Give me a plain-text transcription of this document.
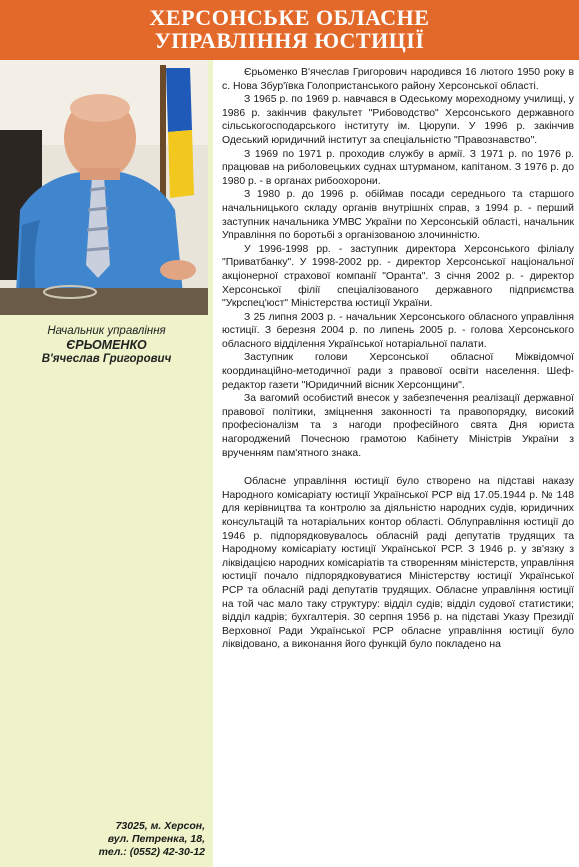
ХЕРСОНСЬКЕ ОБЛАСНЕ
УПРАВЛІННЯ ЮСТИЦІЇ
Начальник управління
ЄРЬОМЕНКО
В'ячеслав Григорович
73025, м. Херсон,
вул. Петренка, 18,
тел.: (0552) 42-30-12

Єрьоменко В'ячеслав Григорович народився 16 лютого 1950 року в с. Нова Збур'ївка Голопристанського району Херсонської області.

З 1965 р. по 1969 р. навчався в Одеському мореходному училищі, у 1986 р. закінчив факультет "Рибоводство" Херсонського державного сільськогосподарського інституту ім. Цюрупи. У 1996 р. закінчив Одеський юридичний інститут за спеціальністю "Правознавство".

З 1969 по 1971 р. проходив службу в армії. З 1971 р. по 1976 р. працював на риболовецьких суднах штурманом, капітаном. З 1976 р. до 1980 р. - в органах рибоохорони.

З 1980 р. до 1996 р. обіймав посади середнього та старшого начальницького складу органів внутрішніх справ, з 1994 р. - перший заступник начальника УМВС України по Херсонській області, начальник Управління по боротьбі з організованою злочинністю.

У 1996-1998 рр. - заступник директора Херсонського філіалу "Приватбанку". У 1998-2002 рр. - директор Херсонської національної акціонерної страхової компанії "Оранта". З січня 2002 р. - директор Херсонської філії спеціалізованого державного підприємства "Укрспец'юст" Міністерства юстиції України.

З 25 липня 2003 р. - начальник Херсонського обласного управління юстиції. З березня 2004 р. по липень 2005 р. - голова Херсонського обласного відділення Української нотаріальної палати.

Заступник голови Херсонської обласної Міжвідомчої координаційно-методичної ради з правової освіти населення. Шеф-редактор газети "Юридичний вісник Херсонщини".

За вагомий особистий внесок у забезпечення реалізації державної правової політики, зміцнення законності та правопорядку, високий професіоналізм та з нагоди професійного свята Дня юриста нагороджений Почесною грамотою Кабінету Міністрів України з врученням пам'ятного знака.

Обласне управління юстиції було створено на підставі наказу Народного комісаріату юстиції Української РСР від 17.05.1944 р. № 148 для керівництва та контролю за діяльністю народних судів, юридичних консультацій та нотаріальних контор області. Облуправління юстиції до 1946 р. підпорядковувалось обласній раді депутатів трудящих та Народному комісаріату юстиції Української РСР. З 1946 р. у зв'язку з ліквідацією народних комісаріатів та створенням міністерств, управління юстиції почало підпорядковуватися Міністерству юстиції Української РСР та обласній раді депутатів трудящих. Обласне управління юстиції на той час мало таку структуру: відділ судів; відділ судової статистики; відділ кадрів; бухгалтерія. 30 серпня 1956 р. на підставі Указу Президії Верховної Ради Української РСР обласне управління юстиції було ліквідовано, а виконання його функцій було покладено на
